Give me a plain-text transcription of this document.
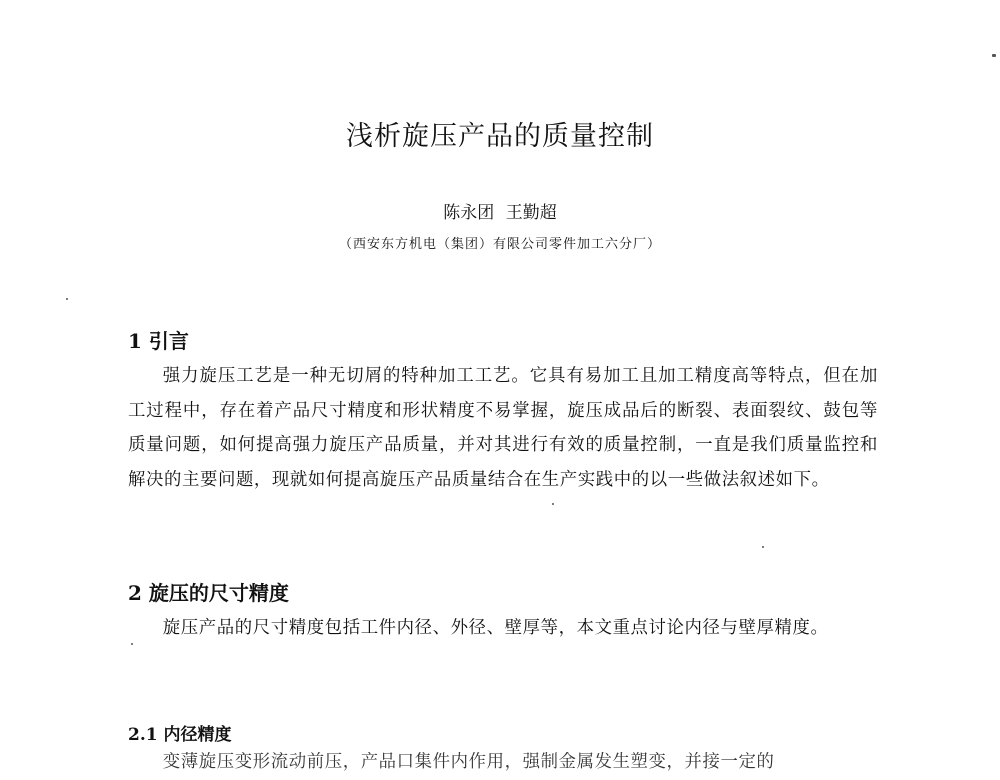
浅析旋压产品的质量控制
陈永团 王勤超
（西安东方机电（集团）有限公司零件加工六分厂）
1 引言

强力旋压工艺是一种无切屑的特种加工工艺。它具有易加工且加工精度高等特点，但在加工过程中，存在着产品尺寸精度和形状精度不易掌握，旋压成品后的断裂、表面裂纹、鼓包等质量问题，如何提高强力旋压产品质量，并对其进行有效的质量控制，一直是我们质量监控和解决的主要问题，现就如何提高旋压产品质量结合在生产实践中的以一些做法叙述如下。

2 旋压的尺寸精度

旋压产品的尺寸精度包括工件内径、外径、壁厚等，本文重点讨论内径与壁厚精度。

2.1 内径精度

变薄旋压变形流动前压，产品口集件内作用，强制金属发生塑变，并接一定的
